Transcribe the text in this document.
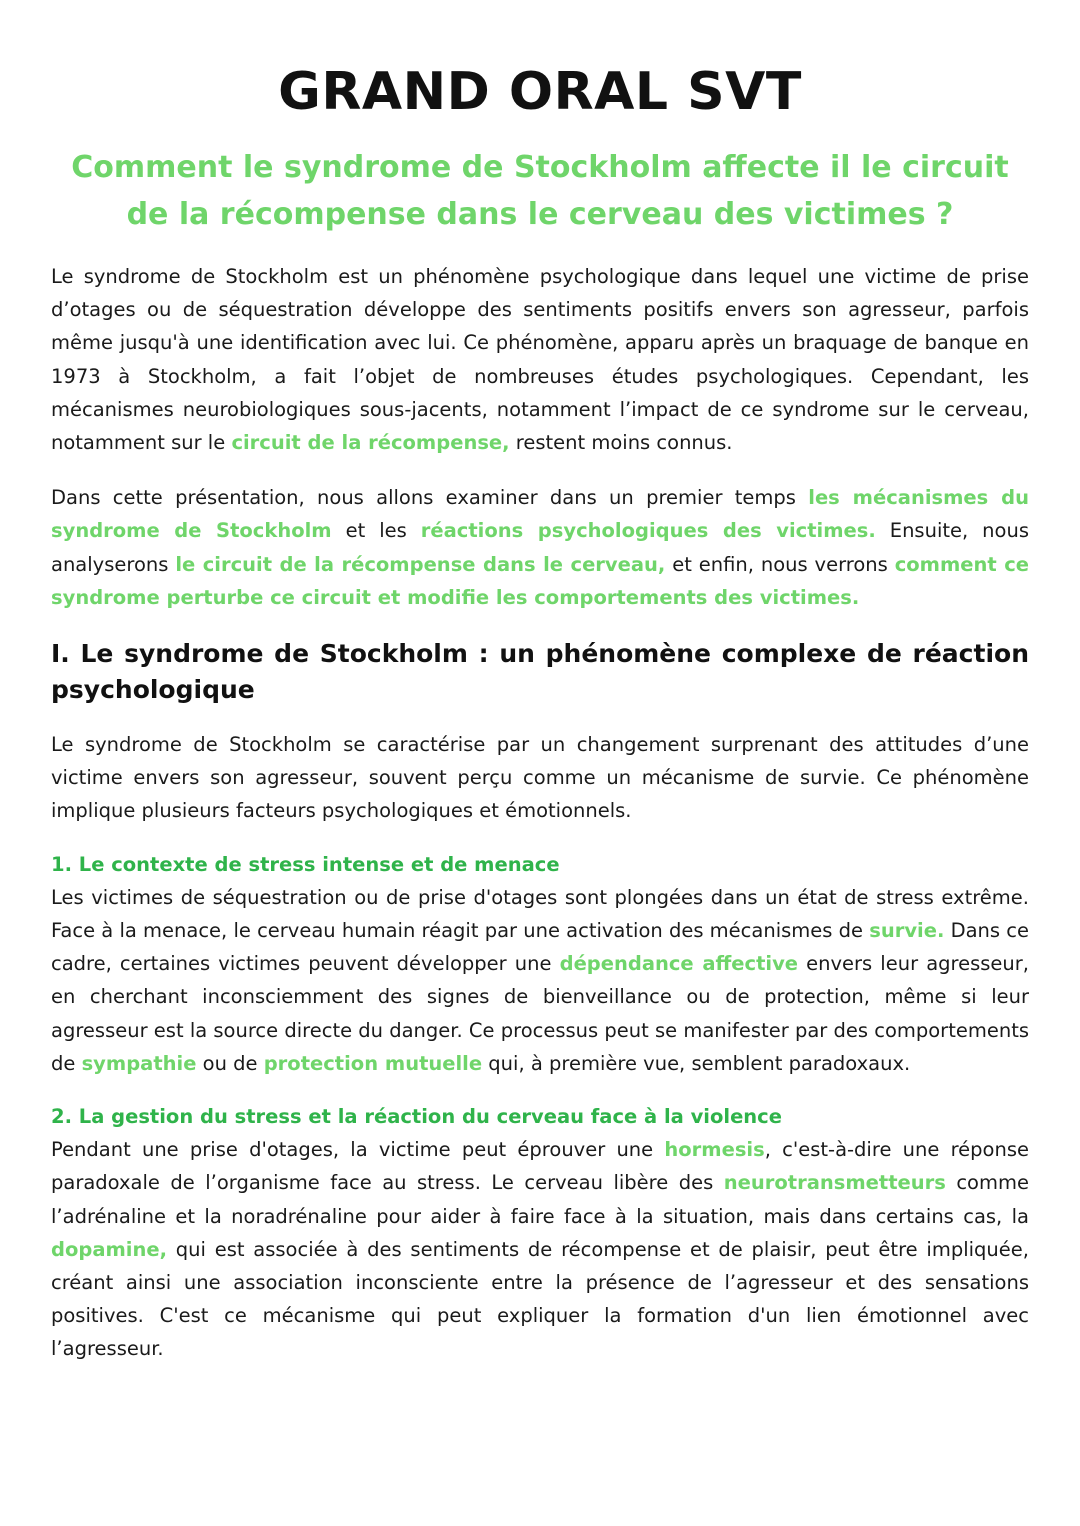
GRAND ORAL SVT
Comment le syndrome de Stockholm affecte il le circuit de la récompense dans le cerveau des victimes ?

Le syndrome de Stockholm est un phénomène psychologique dans lequel une victime de prise d’otages ou de séquestration développe des sentiments positifs envers son agresseur, parfois même jusqu'à une identification avec lui. Ce phénomène, apparu après un braquage de banque en 1973 à Stockholm, a fait l’objet de nombreuses études psychologiques. Cependant, les mécanismes neurobiologiques sous-jacents, notamment l’impact de ce syndrome sur le cerveau, notamment sur le circuit de la récompense, restent moins connus.

Dans cette présentation, nous allons examiner dans un premier temps les mécanismes du syndrome de Stockholm et les réactions psychologiques des victimes. Ensuite, nous analyserons le circuit de la récompense dans le cerveau, et enfin, nous verrons comment ce syndrome perturbe ce circuit et modifie les comportements des victimes.

I. Le syndrome de Stockholm : un phénomène complexe de réaction psychologique

Le syndrome de Stockholm se caractérise par un changement surprenant des attitudes d’une victime envers son agresseur, souvent perçu comme un mécanisme de survie. Ce phénomène implique plusieurs facteurs psychologiques et émotionnels.

1. Le contexte de stress intense et de menace

Les victimes de séquestration ou de prise d'otages sont plongées dans un état de stress extrême. Face à la menace, le cerveau humain réagit par une activation des mécanismes de survie. Dans ce cadre, certaines victimes peuvent développer une dépendance affective envers leur agresseur, en cherchant inconsciemment des signes de bienveillance ou de protection, même si leur agresseur est la source directe du danger. Ce processus peut se manifester par des comportements de sympathie ou de protection mutuelle qui, à première vue, semblent paradoxaux.

2. La gestion du stress et la réaction du cerveau face à la violence

Pendant une prise d'otages, la victime peut éprouver une hormesis, c'est-à-dire une réponse paradoxale de l’organisme face au stress. Le cerveau libère des neurotransmetteurs comme l’adrénaline et la noradrénaline pour aider à faire face à la situation, mais dans certains cas, la dopamine, qui est associée à des sentiments de récompense et de plaisir, peut être impliquée, créant ainsi une association inconsciente entre la présence de l’agresseur et des sensations positives. C'est ce mécanisme qui peut expliquer la formation d'un lien émotionnel avec l’agresseur.
